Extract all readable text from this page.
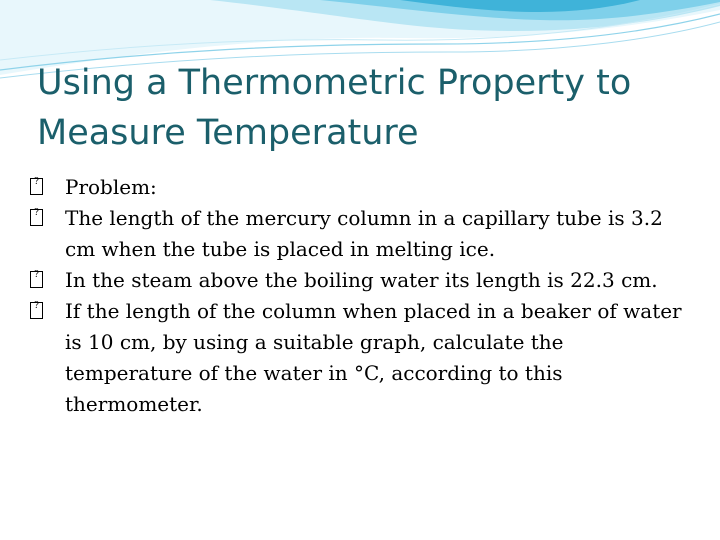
Using a Thermometric Property to Measure Temperature
?	Problem:
?	The length of the mercury column in a capillary tube is 3.2 cm when the tube is placed in melting ice.
?	In the steam above the boiling water its length is 22.3 cm.
?	If the length of the column when placed in a beaker of water is 10 cm, by using a suitable graph, calculate the temperature of the water in °C, according to this thermometer.
